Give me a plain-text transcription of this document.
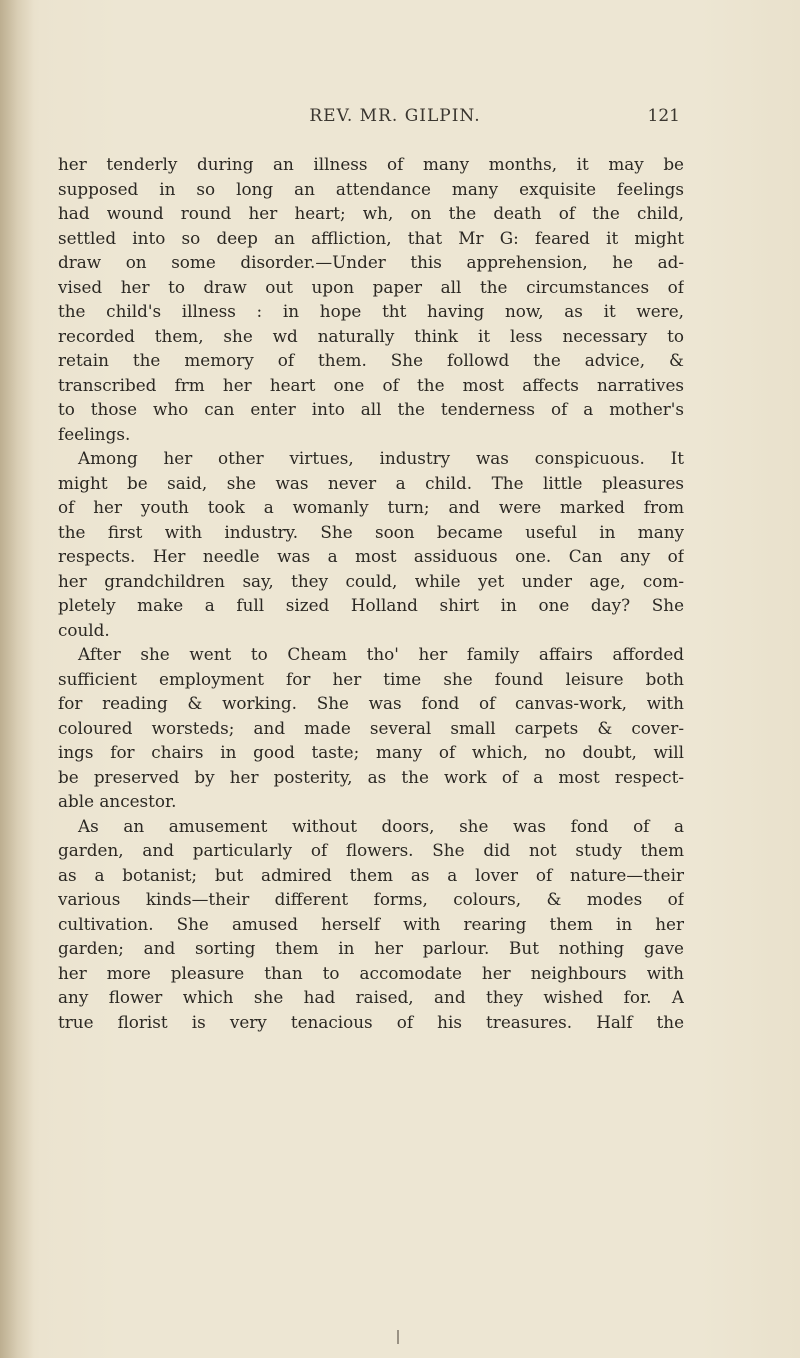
REV. MR. GILPIN.	121
her tenderly during an illness of many months, it may be
supposed in so long an attendance many exquisite feelings
had wound round her heart; wh, on the death of the child,
settled into so deep an affliction, that Mr G: feared it might
draw on some disorder.—Under this apprehension, he ad-
vised her to draw out upon paper all the circumstances of
the child's illness : in hope tht having now, as it were,
recorded them, she wd naturally think it less necessary to
retain the memory of them. She followd the advice, &
transcribed frm her heart one of the most affects narratives
to those who can enter into all the tenderness of a mother's
feelings.
Among her other virtues, industry was conspicuous. It
might be said, she was never a child. The little pleasures
of her youth took a womanly turn; and were marked from
the first with industry. She soon became useful in many
respects. Her needle was a most assiduous one. Can any of
her grandchildren say, they could, while yet under age, com-
pletely make a full sized Holland shirt in one day? She
could.
After she went to Cheam tho' her family affairs afforded
sufficient employment for her time she found leisure both
for reading & working. She was fond of canvas-work, with
coloured worsteds; and made several small carpets & cover-
ings for chairs in good taste; many of which, no doubt, will
be preserved by her posterity, as the work of a most respect-
able ancestor.
As an amusement without doors, she was fond of a
garden, and particularly of flowers. She did not study them
as a botanist; but admired them as a lover of nature—their
various kinds—their different forms, colours, & modes of
cultivation. She amused herself with rearing them in her
garden; and sorting them in her parlour. But nothing gave
her more pleasure than to accomodate her neighbours with
any flower which she had raised, and they wished for. A
true florist is very tenacious of his treasures. Half the
